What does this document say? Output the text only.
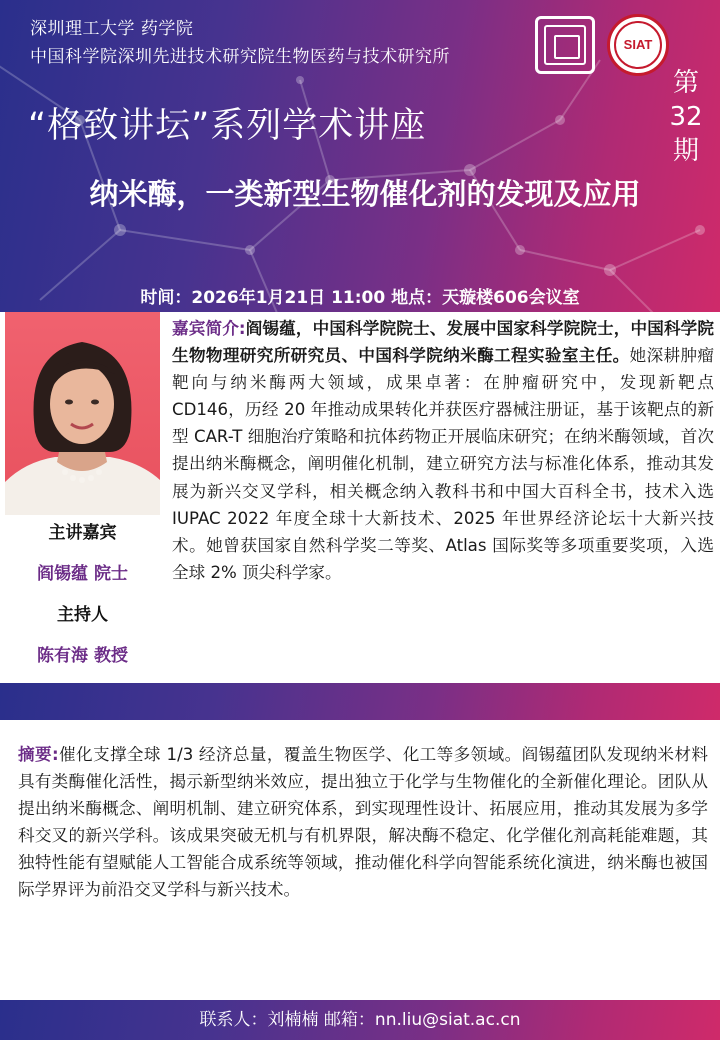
深圳理工大学 药学院
中国科学院深圳先进技术研究院生物医药与技术研究所
SIAT
第
32
期
“格致讲坛”系列学术讲座
纳米酶，一类新型生物催化剂的发现及应用
时间：2026年1月21日 11:00 地点：天璇楼606会议室
主讲嘉宾
阎锡蕴 院士
主持人
陈有海 教授
嘉宾简介:阎锡蕴，中国科学院院士、发展中国家科学院院士，中国科学院生物物理研究所研究员、中国科学院纳米酶工程实验室主任。她深耕肿瘤靶向与纳米酶两大领域，成果卓著：在肿瘤研究中，发现新靶点 CD146，历经 20 年推动成果转化并获医疗器械注册证，基于该靶点的新型 CAR-T 细胞治疗策略和抗体药物正开展临床研究；在纳米酶领域，首次提出纳米酶概念，阐明催化机制，建立研究方法与标准化体系，推动其发展为新兴交叉学科，相关概念纳入教科书和中国大百科全书，技术入选 IUPAC 2022 年度全球十大新技术、2025 年世界经济论坛十大新兴技术。她曾获国家自然科学奖二等奖、Atlas 国际奖等多项重要奖项，入选全球 2% 顶尖科学家。
摘要:催化支撑全球 1/3 经济总量，覆盖生物医学、化工等多领域。阎锡蕴团队发现纳米材料具有类酶催化活性，揭示新型纳米效应，提出独立于化学与生物催化的全新催化理论。团队从提出纳米酶概念、阐明机制、建立研究体系，到实现理性设计、拓展应用，推动其发展为多学科交叉的新兴学科。该成果突破无机与有机界限，解决酶不稳定、化学催化剂高耗能难题，其独特性能有望赋能人工智能合成系统等领域，推动催化科学向智能系统化演进，纳米酶也被国际学界评为前沿交叉学科与新兴技术。
联系人：刘楠楠 邮箱：nn.liu@siat.ac.cn
